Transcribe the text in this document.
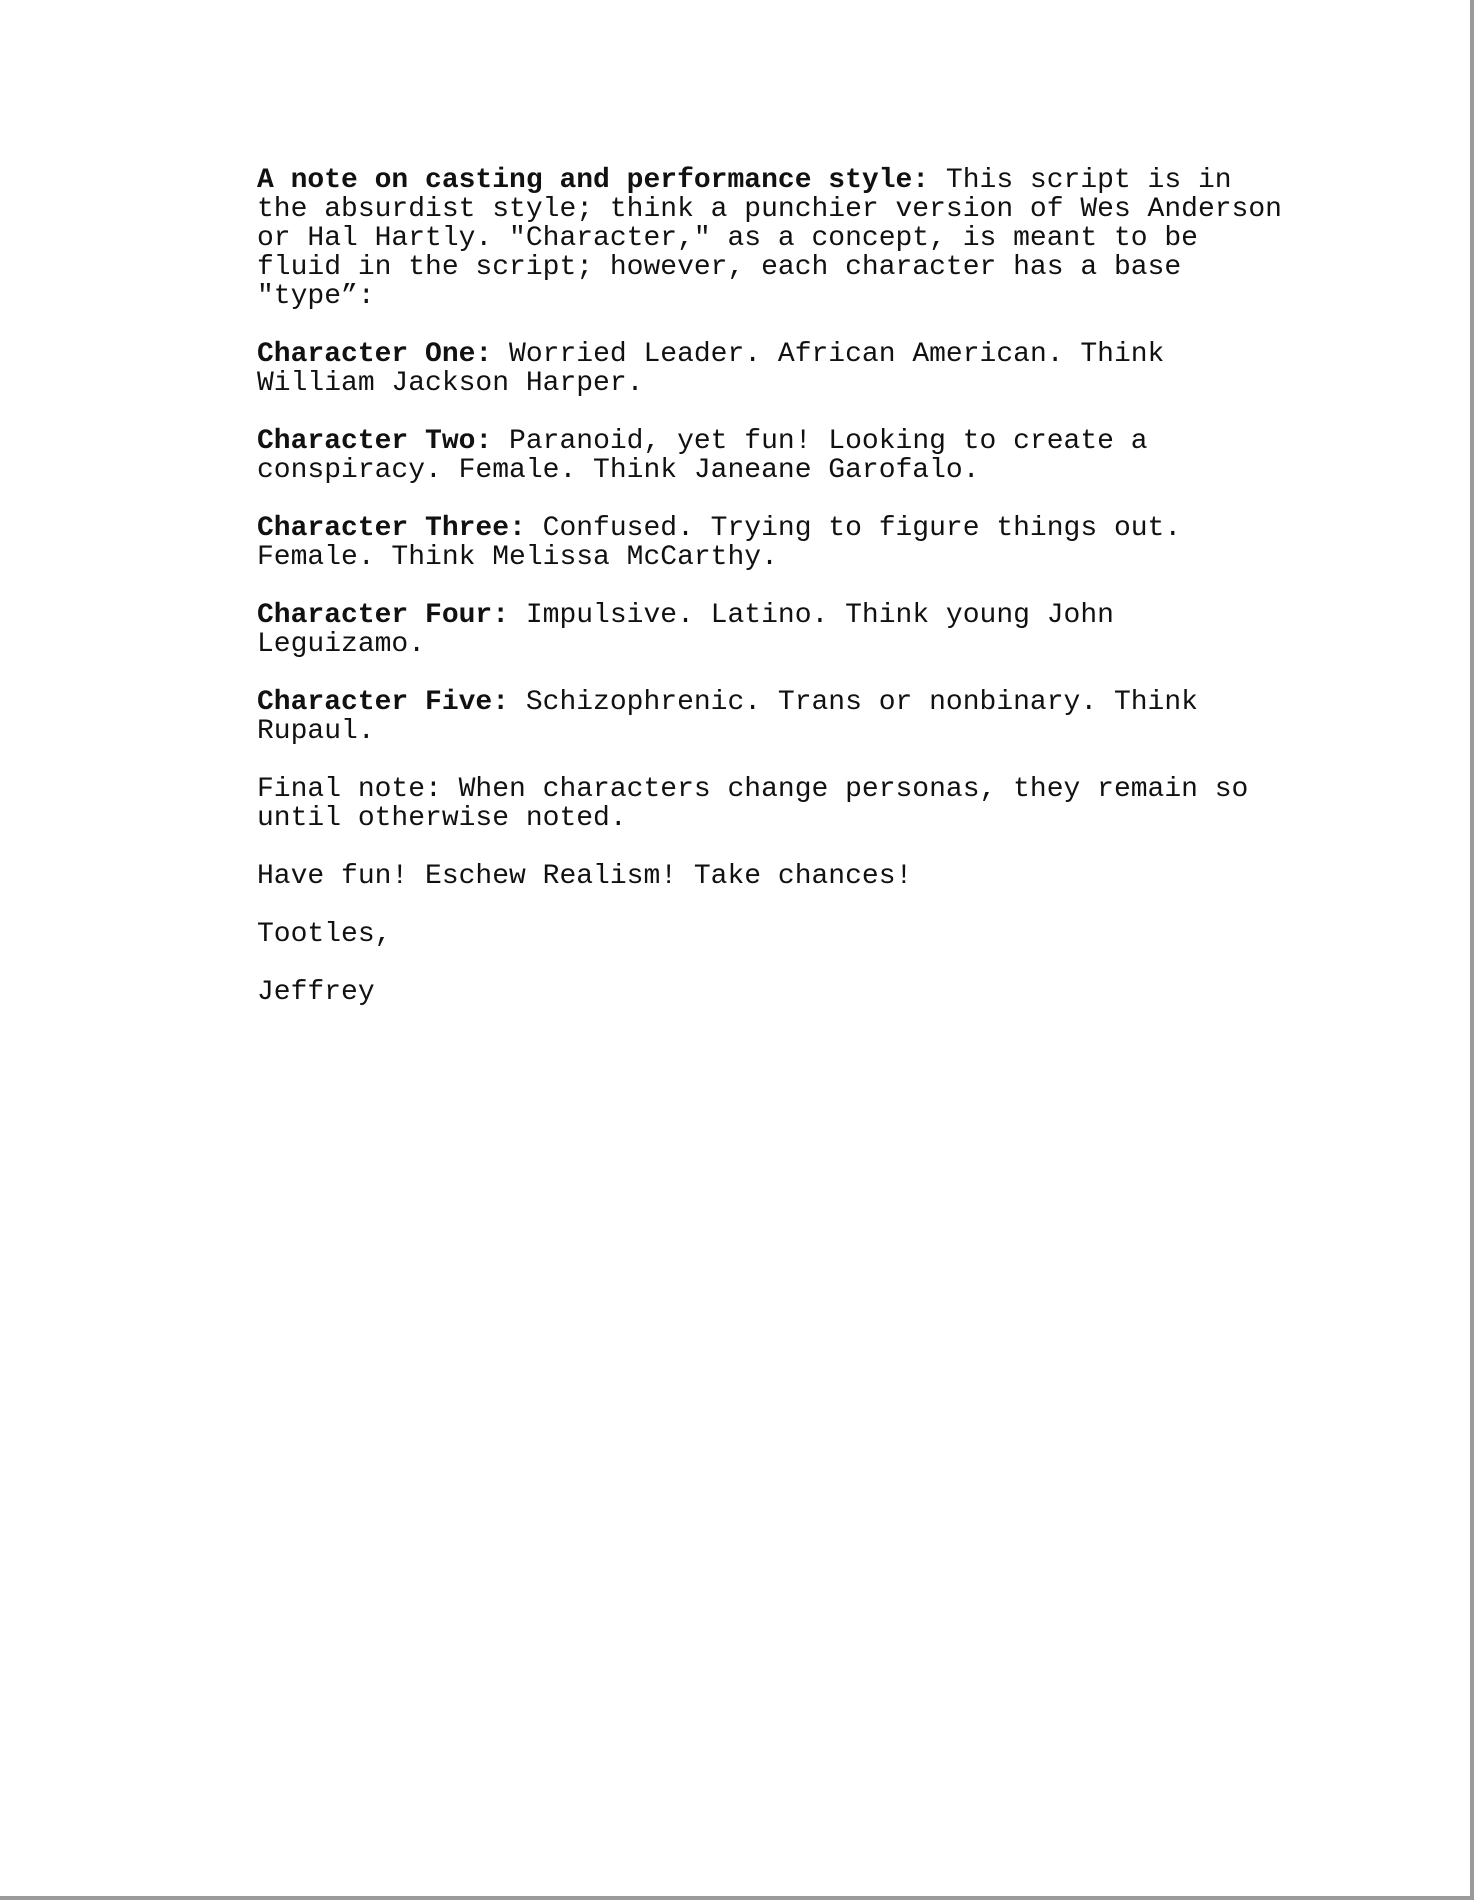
A note on casting and performance style: This script is in
the absurdist style; think a punchier version of Wes Anderson
or Hal Hartly. "Character," as a concept, is meant to be
fluid in the script; however, each character has a base
"type”:

Character One: Worried Leader. African American. Think
William Jackson Harper.

Character Two: Paranoid, yet fun! Looking to create a
conspiracy. Female. Think Janeane Garofalo.

Character Three: Confused. Trying to figure things out.
Female. Think Melissa McCarthy.

Character Four: Impulsive. Latino. Think young John
Leguizamo.

Character Five: Schizophrenic. Trans or nonbinary. Think
Rupaul.

Final note: When characters change personas, they remain so
until otherwise noted.

Have fun! Eschew Realism! Take chances!

Tootles,

Jeffrey
